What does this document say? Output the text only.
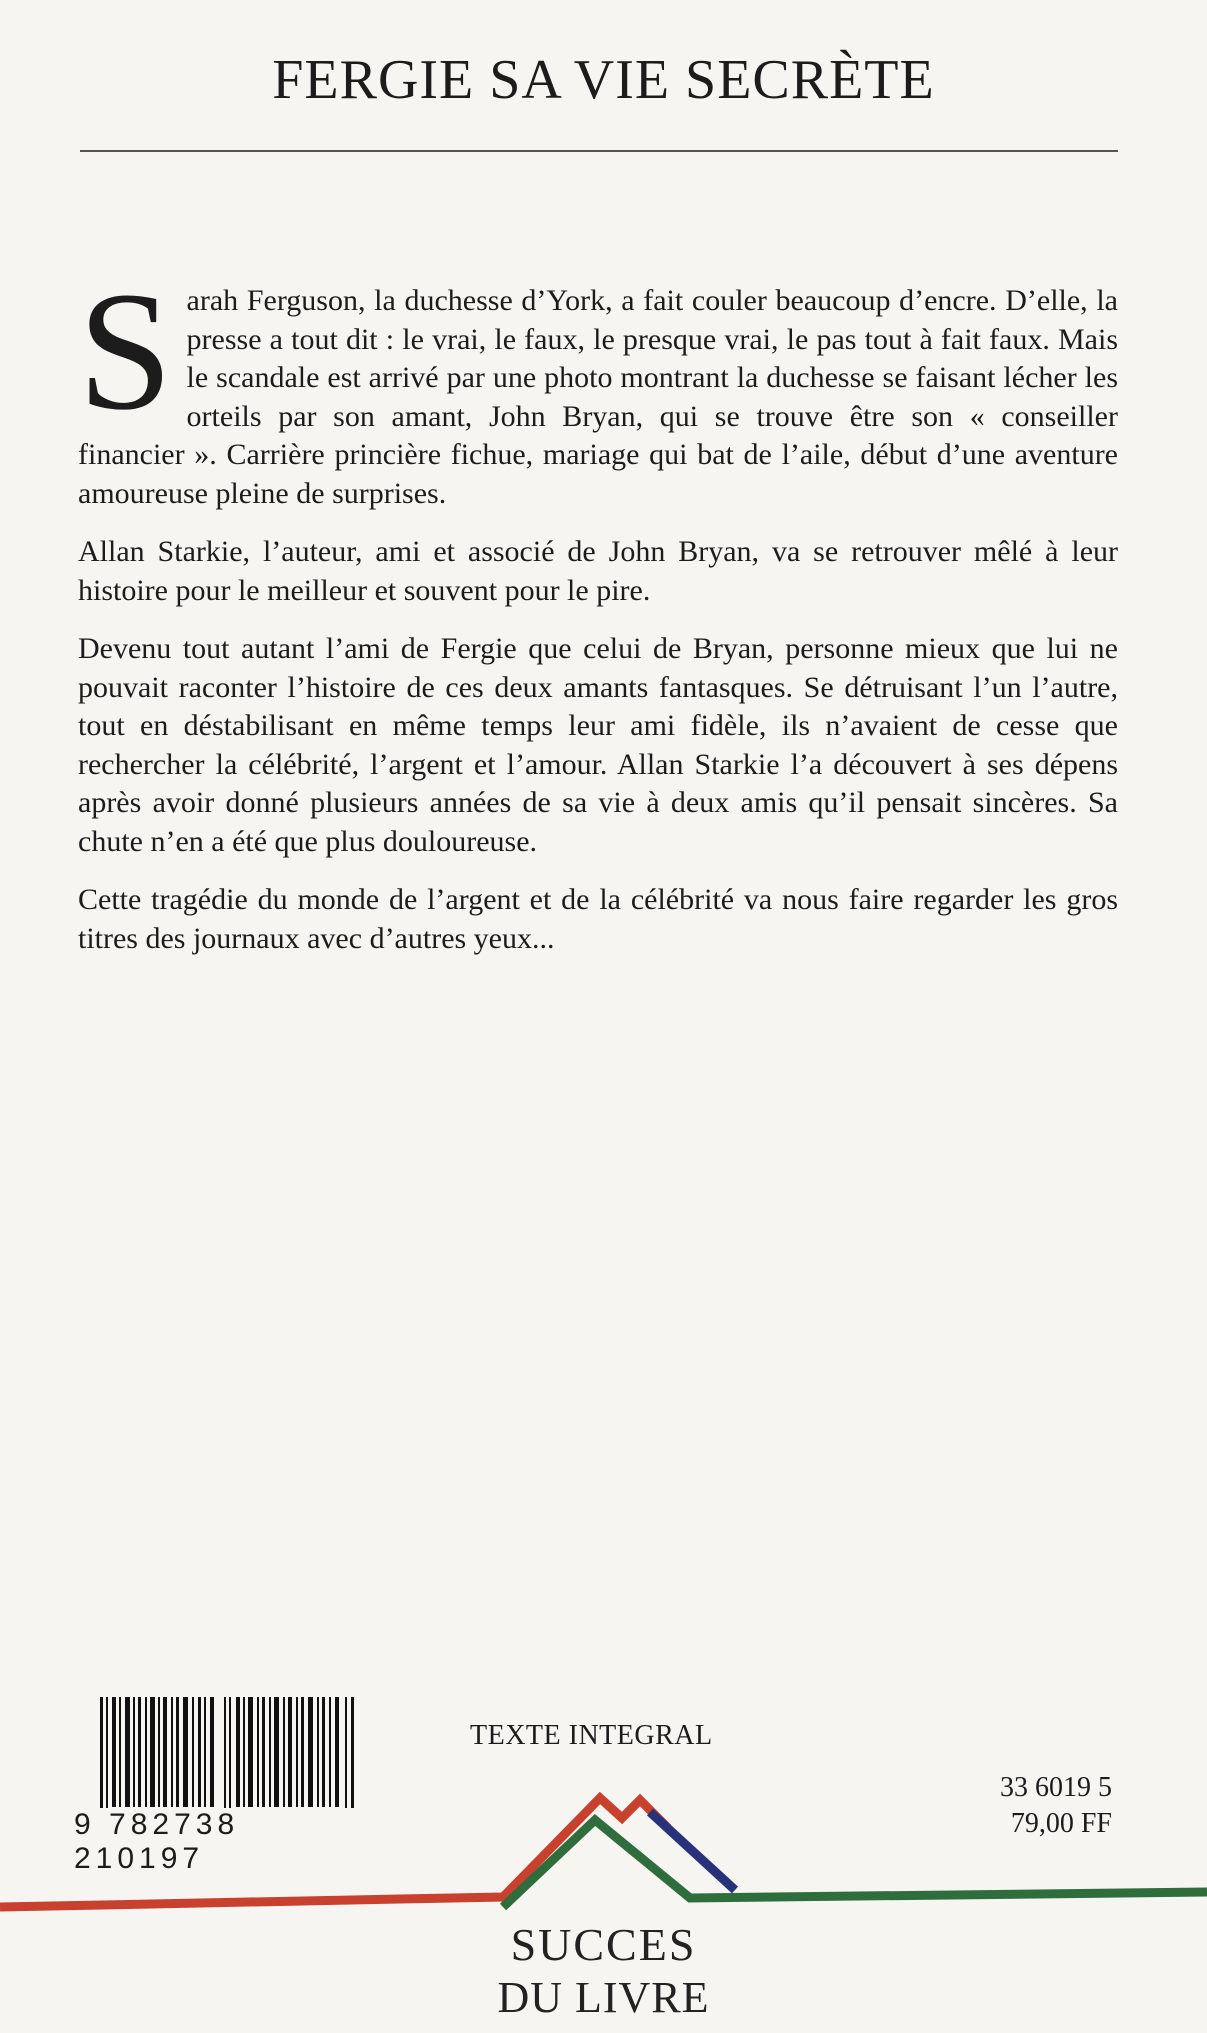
FERGIE SA VIE SECRÈTE

Sarah Ferguson, la duchesse d’York, a fait couler beaucoup d’encre. D’elle, la presse a tout dit : le vrai, le faux, le presque vrai, le pas tout à fait faux. Mais le scandale est arrivé par une photo montrant la duchesse se faisant lécher les orteils par son amant, John Bryan, qui se trouve être son « conseiller financier ». Carrière princière fichue, mariage qui bat de l’aile, début d’une aventure amoureuse pleine de surprises.

Allan Starkie, l’auteur, ami et associé de John Bryan, va se retrouver mêlé à leur histoire pour le meilleur et souvent pour le pire.

Devenu tout autant l’ami de Fergie que celui de Bryan, personne mieux que lui ne pouvait raconter l’histoire de ces deux amants fantasques. Se détruisant l’un l’autre, tout en déstabilisant en même temps leur ami fidèle, ils n’avaient de cesse que rechercher la célébrité, l’argent et l’amour. Allan Starkie l’a découvert à ses dépens après avoir donné plusieurs années de sa vie à deux amis qu’il pensait sincères. Sa chute n’en a été que plus douloureuse.

Cette tragédie du monde de l’argent et de la célébrité va nous faire regarder les gros titres des journaux avec d’autres yeux...

9 782738 210197
TEXTE INTEGRAL
33 6019 5
79,00 FF
SUCCES
DU LIVRE
